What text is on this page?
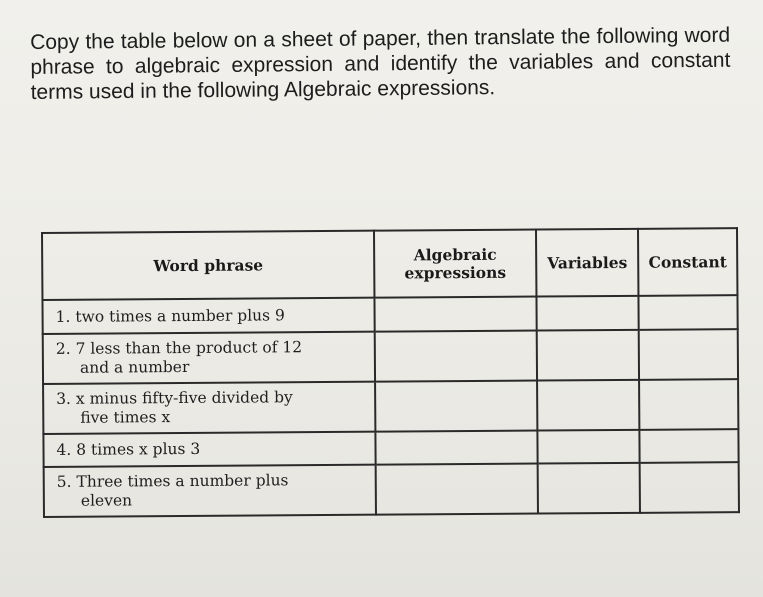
Copy the table below on a sheet of paper, then translate the following word phrase to algebraic expression and identify the variables and constant terms used in the following Algebraic expressions.

Word phrase	Algebraic expressions	Variables	Constant
1. two times a number plus 9			
2. 7 less than the product of 12
and a number			

3. x minus fifty-five divided by
five times x			

4. 8 times x plus 3			
5. Three times a number plus
eleven			
